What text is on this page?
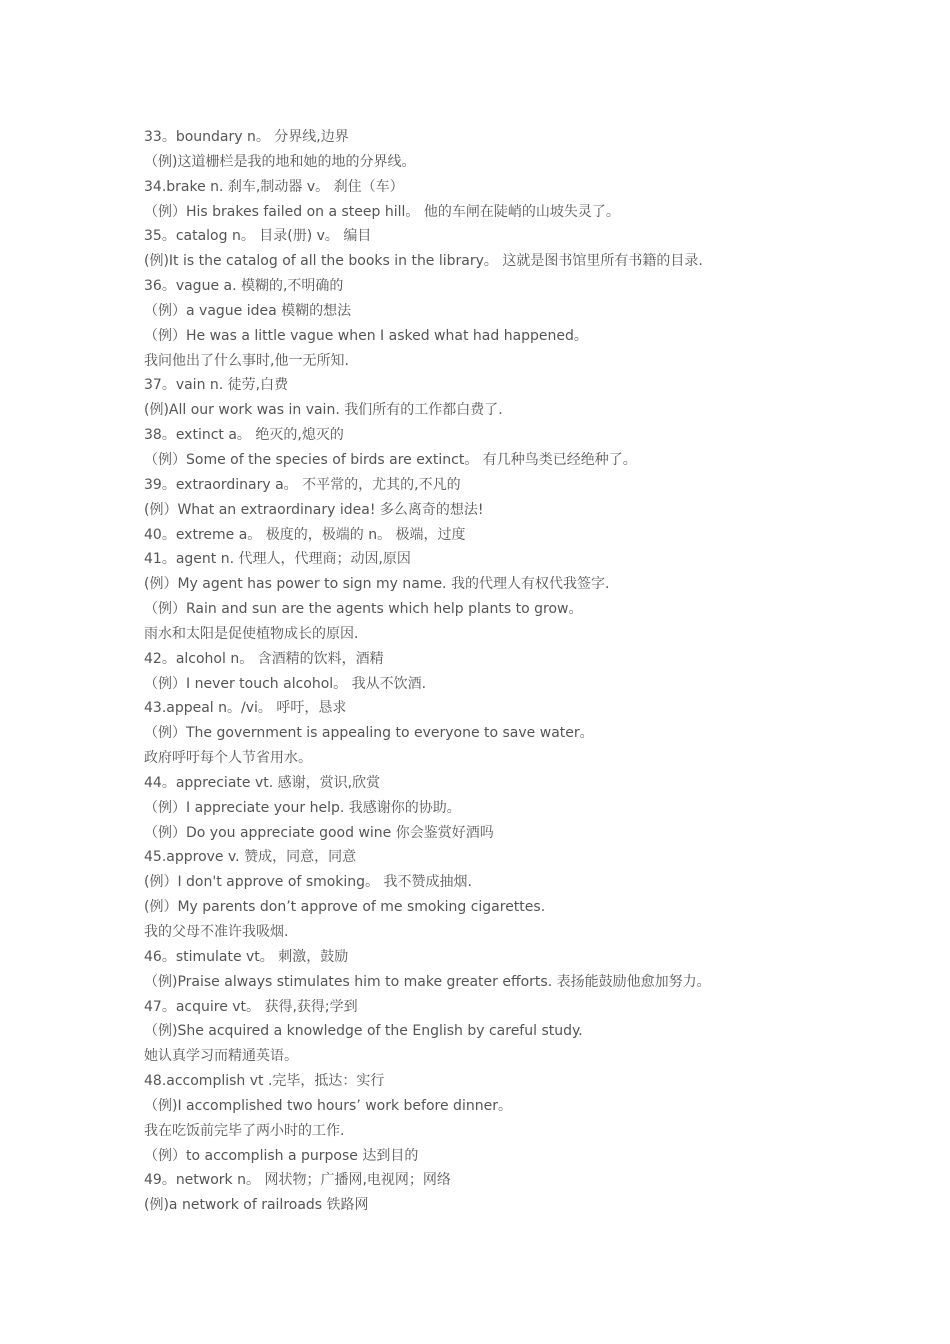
33。boundary n。 分界线,边界
（例)这道栅栏是我的地和她的地的分界线。
34.brake n. 刹车,制动器 v。 刹住（车）
（例）His brakes failed on a steep hill。 他的车闸在陡峭的山坡失灵了。
35。catalog n。 目录(册) v。 编目
(例)It is the catalog of all the books in the library。 这就是图书馆里所有书籍的目录.
36。vague a. 模糊的,不明确的
（例）a vague idea 模糊的想法
（例）He was a little vague when I asked what had happened。
我问他出了什么事时,他一无所知.
37。vain n. 徒劳,白费
(例)All our work was in vain. 我们所有的工作都白费了.
38。extinct a。 绝灭的,熄灭的
（例）Some of the species of birds are extinct。 有几种鸟类已经绝种了。
39。extraordinary a。 不平常的，尤其的,不凡的
(例）What an extraordinary idea! 多么离奇的想法!
40。extreme a。 极度的，极端的 n。 极端，过度
41。agent n. 代理人，代理商；动因,原因
(例）My agent has power to sign my name. 我的代理人有权代我签字.
（例）Rain and sun are the agents which help plants to grow。
雨水和太阳是促使植物成长的原因.
42。alcohol n。 含酒精的饮料，酒精
（例）I never touch alcohol。 我从不饮酒.
43.appeal n。/vi。 呼吁，恳求
（例）The government is appealing to everyone to save water。
政府呼吁每个人节省用水。
44。appreciate vt. 感谢，赏识,欣赏
（例）I appreciate your help. 我感谢你的协助。
（例）Do you appreciate good wine 你会鉴赏好酒吗
45.approve v. 赞成，同意，同意
(例）I don't approve of smoking。 我不赞成抽烟.
(例）My parents don’t approve of me smoking cigarettes.
我的父母不准许我吸烟.
46。stimulate vt。 刺激，鼓励
（例)Praise always stimulates him to make greater efforts. 表扬能鼓励他愈加努力。
47。acquire vt。 获得,获得;学到
（例)She acquired a knowledge of the English by careful study.
她认真学习而精通英语。
48.accomplish vt .完毕，抵达：实行
（例)I accomplished two hours’ work before dinner。
我在吃饭前完毕了两小时的工作.
（例）to accomplish a purpose 达到目的
49。network n。 网状物；广播网,电视网；网络
(例)a network of railroads 铁路网
